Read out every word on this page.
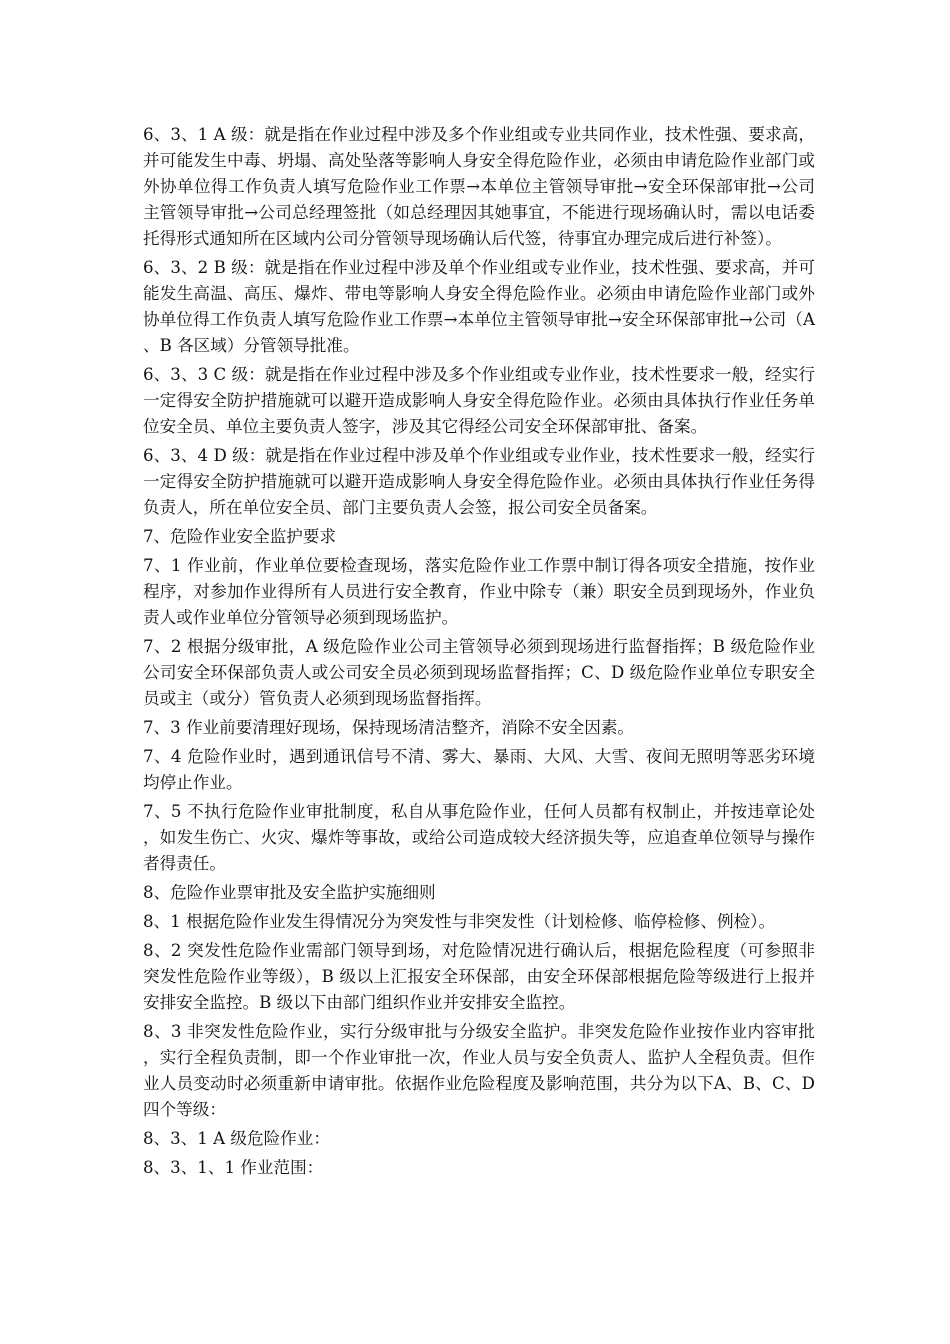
6、3、1 A 级：就是指在作业过程中涉及多个作业组或专业共同作业，技术性强、要求高，并可能发生中毒、坍塌、高处坠落等影响人身安全得危险作业，必须由申请危险作业部门或外协单位得工作负责人填写危险作业工作票→本单位主管领导审批→安全环保部审批→公司主管领导审批→公司总经理签批（如总经理因其她事宜，不能进行现场确认时，需以电话委托得形式通知所在区域内公司分管领导现场确认后代签，待事宜办理完成后进行补签）。

6、3、2 B 级：就是指在作业过程中涉及单个作业组或专业作业，技术性强、要求高，并可能发生高温、高压、爆炸、带电等影响人身安全得危险作业。必须由申请危险作业部门或外协单位得工作负责人填写危险作业工作票→本单位主管领导审批→安全环保部审批→公司（A、B 各区域）分管领导批准。

6、3、3 C 级：就是指在作业过程中涉及多个作业组或专业作业，技术性要求一般，经实行一定得安全防护措施就可以避开造成影响人身安全得危险作业。必须由具体执行作业任务单位安全员、单位主要负责人签字，涉及其它得经公司安全环保部审批、备案。

6、3、4 D 级：就是指在作业过程中涉及单个作业组或专业作业，技术性要求一般，经实行一定得安全防护措施就可以避开造成影响人身安全得危险作业。必须由具体执行作业任务得负责人，所在单位安全员、部门主要负责人会签，报公司安全员备案。

7、危险作业安全监护要求

7、1 作业前，作业单位要检查现场，落实危险作业工作票中制订得各项安全措施，按作业程序，对参加作业得所有人员进行安全教育，作业中除专（兼）职安全员到现场外，作业负责人或作业单位分管领导必须到现场监护。

7、2 根据分级审批，A 级危险作业公司主管领导必须到现场进行监督指挥；B 级危险作业公司安全环保部负责人或公司安全员必须到现场监督指挥；C、D 级危险作业单位专职安全员或主（或分）管负责人必须到现场监督指挥。

7、3 作业前要清理好现场，保持现场清洁整齐，消除不安全因素。

7、4 危险作业时，遇到通讯信号不清、雾大、暴雨、大风、大雪、夜间无照明等恶劣环境均停止作业。

7、5 不执行危险作业审批制度，私自从事危险作业，任何人员都有权制止，并按违章论处，如发生伤亡、火灾、爆炸等事故，或给公司造成较大经济损失等，应追查单位领导与操作者得责任。

8、危险作业票审批及安全监护实施细则

8、1 根据危险作业发生得情况分为突发性与非突发性（计划检修、临停检修、例检）。

8、2 突发性危险作业需部门领导到场，对危险情况进行确认后，根据危险程度（可参照非突发性危险作业等级），B 级以上汇报安全环保部，由安全环保部根据危险等级进行上报并安排安全监控。B 级以下由部门组织作业并安排安全监控。

8、3 非突发性危险作业，实行分级审批与分级安全监护。非突发危险作业按作业内容审批，实行全程负责制，即一个作业审批一次，作业人员与安全负责人、监护人全程负责。但作业人员变动时必须重新申请审批。依据作业危险程度及影响范围，共分为以下A、B、C、D 四个等级：

8、3、1 A 级危险作业：

8、3、1、1 作业范围：
